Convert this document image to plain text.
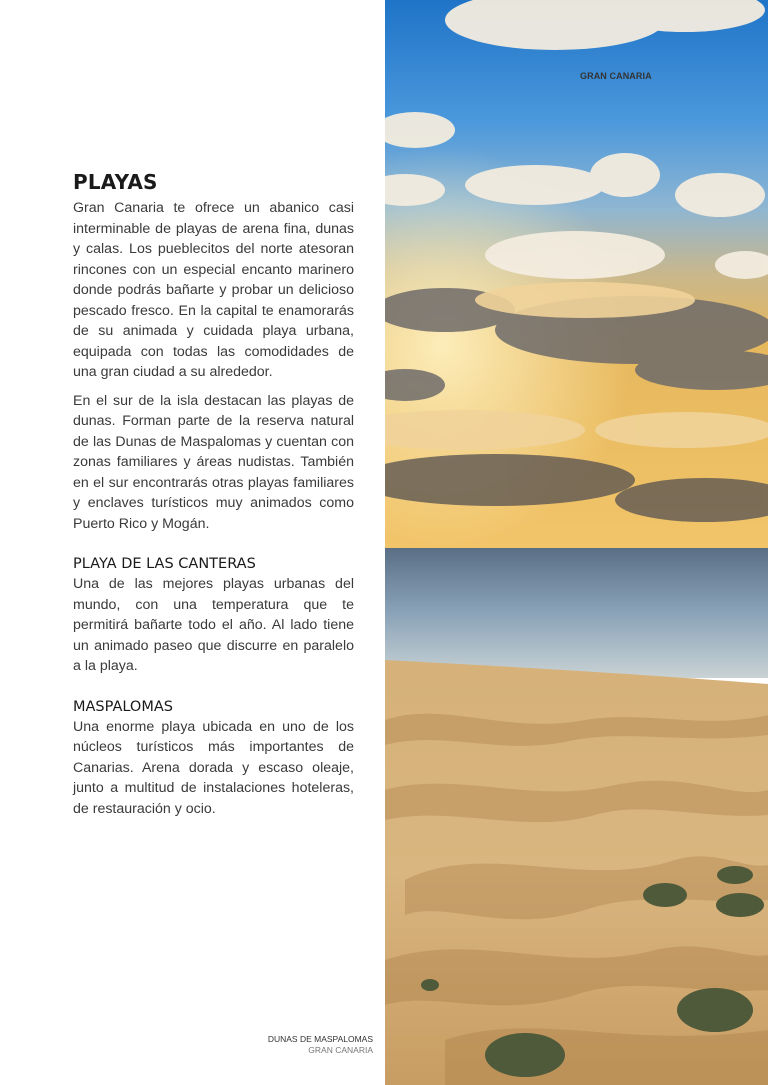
PLAYAS

Gran Canaria te ofrece un abanico casi interminable de playas de arena fina, dunas y calas. Los pueblecitos del norte atesoran rincones con un especial encanto marinero donde podrás bañarte y probar un delicioso pescado fresco. En la capital te enamorarás de su animada y cuidada playa urbana, equipada con todas las comodidades de una gran ciudad a su alrededor.

En el sur de la isla destacan las playas de dunas. Forman parte de la reserva natural de las Dunas de Maspalomas y cuentan con zonas familiares y áreas nudistas. También en el sur encontrarás otras playas familiares y enclaves turísticos muy animados como Puerto Rico y Mogán.

PLAYA DE LAS CANTERAS

Una de las mejores playas urbanas del mundo, con una temperatura que te permitirá bañarte todo el año. Al lado tiene un animado paseo que discurre en paralelo a la playa.

MASPALOMAS

Una enorme playa ubicada en uno de los núcleos turísticos más importantes de Canarias. Arena dorada y escaso oleaje, junto a multitud de instalaciones hoteleras, de restauración y ocio.

DUNAS DE MASPALOMAS
GRAN CANARIA
GRAN CANARIA
